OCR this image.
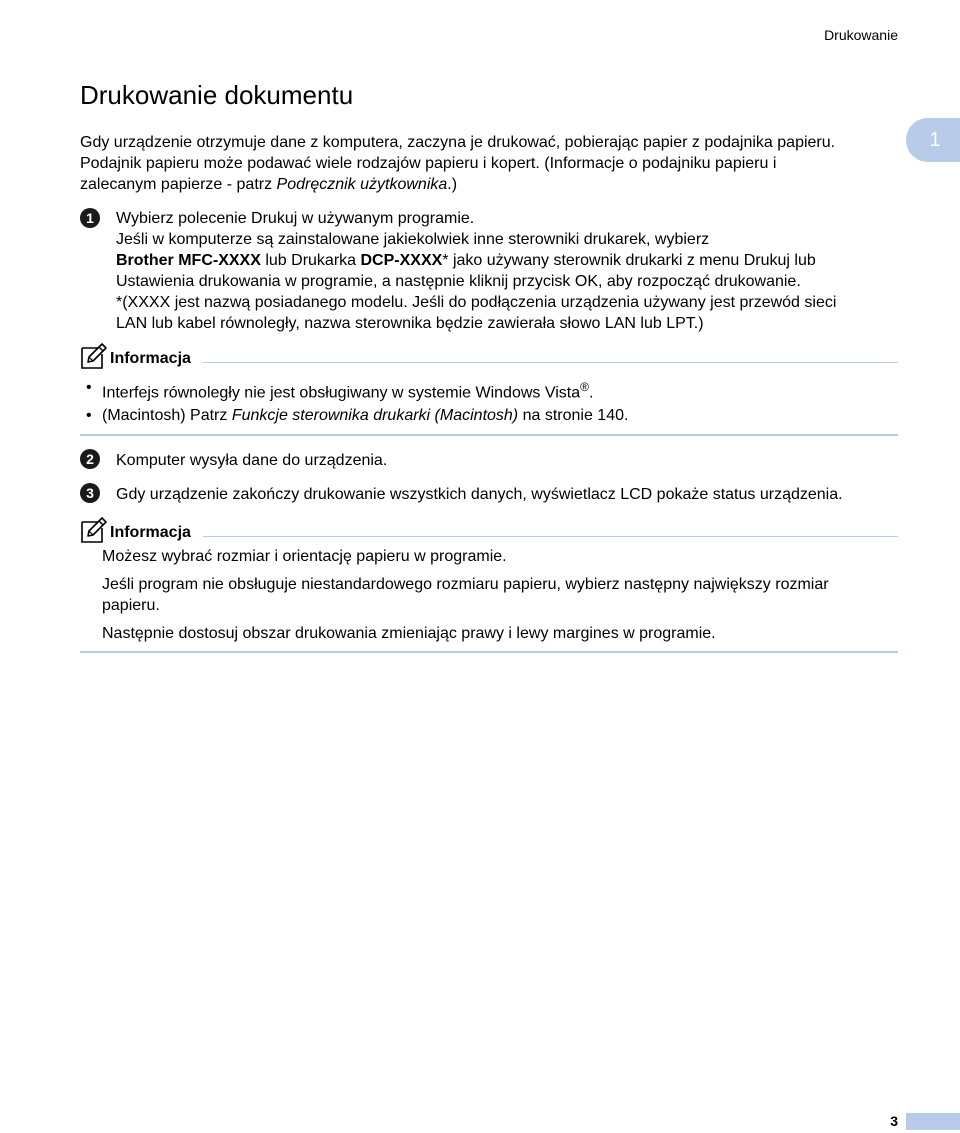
Drukowanie
Drukowanie dokumentu
1
Gdy urządzenie otrzymuje dane z komputera, zaczyna je drukować, pobierając papier z podajnika papieru.
Podajnik papieru może podawać wiele rodzajów papieru i kopert. (Informacje o podajniku papieru i
zalecanym papierze - patrz Podręcznik użytkownika.)
1	Wybierz polecenie Drukuj w używanym programie.
Jeśli w komputerze są zainstalowane jakiekolwiek inne sterowniki drukarek, wybierz
Brother MFC-XXXX lub Drukarka DCP-XXXX* jako używany sterownik drukarki z menu Drukuj lub
Ustawienia drukowania w programie, a następnie kliknij przycisk OK, aby rozpocząć drukowanie.
*(XXXX jest nazwą posiadanego modelu. Jeśli do podłączenia urządzenia używany jest przewód sieci
LAN lub kabel równoległy, nazwa sterownika będzie zawierała słowo LAN lub LPT.)
Informacja
• Interfejs równoległy nie jest obsługiwany w systemie Windows Vista®.
• (Macintosh) Patrz Funkcje sterownika drukarki (Macintosh) na stronie 140.
2	Komputer wysyła dane do urządzenia.
3	Gdy urządzenie zakończy drukowanie wszystkich danych, wyświetlacz LCD pokaże status urządzenia.
Informacja
Możesz wybrać rozmiar i orientację papieru w programie.
Jeśli program nie obsługuje niestandardowego rozmiaru papieru, wybierz następny największy rozmiar
papieru.
Następnie dostosuj obszar drukowania zmieniając prawy i lewy margines w programie.
3
